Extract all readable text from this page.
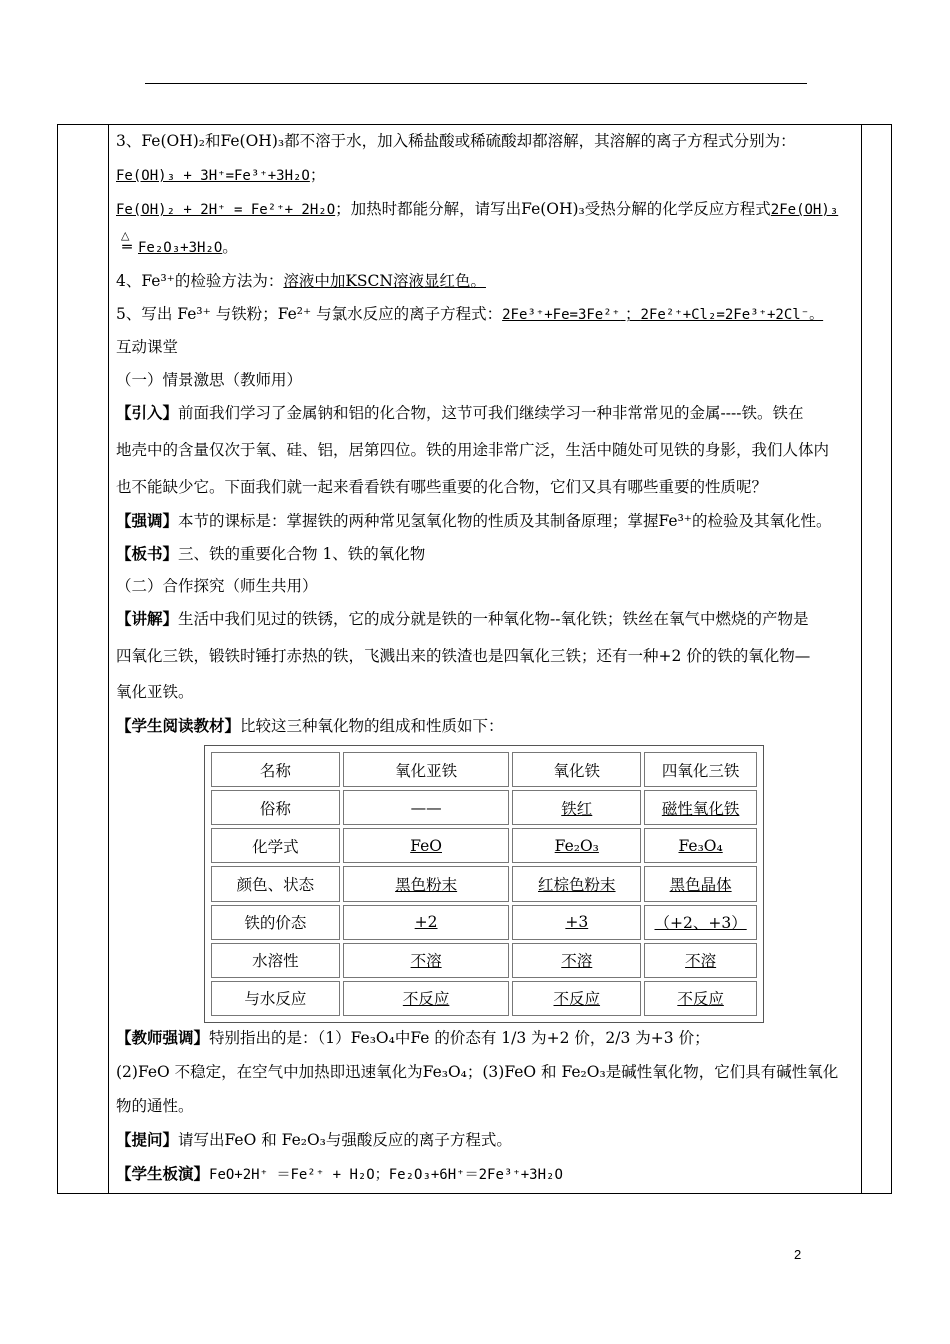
3、Fe(OH)₂和Fe(OH)₃都不溶于水，加入稀盐酸或稀硫酸却都溶解，其溶解的离子方程式分别为：
Fe(OH)₃ + 3H⁺=Fe³⁺+3H₂O；
Fe(OH)₂ + 2H⁺ = Fe²⁺+ 2H₂O；加热时都能分解，请写出Fe(OH)₃受热分解的化学反应方程式2Fe(OH)₃
△
═ Fe₂O₃+3H₂O。
4、Fe³⁺的检验方法为：溶液中加KSCN溶液显红色。
5、写出 Fe³⁺ 与铁粉；Fe²⁺ 与氯水反应的离子方程式：2Fe³⁺+Fe=3Fe²⁺ ；2Fe²⁺+Cl₂=2Fe³⁺+2Cl⁻。
互动课堂
（一）情景激思（教师用）
【引入】前面我们学习了金属钠和铝的化合物，这节可我们继续学习一种非常常见的金属----铁。铁在
地壳中的含量仅次于氧、硅、铝，居第四位。铁的用途非常广泛，生活中随处可见铁的身影，我们人体内
也不能缺少它。下面我们就一起来看看铁有哪些重要的化合物，它们又具有哪些重要的性质呢？
【强调】本节的课标是：掌握铁的两种常见氢氧化物的性质及其制备原理；掌握Fe³⁺的检验及其氧化性。
【板书】三、铁的重要化合物 1、铁的氧化物
（二）合作探究（师生共用）
【讲解】生活中我们见过的铁锈，它的成分就是铁的一种氧化物--氧化铁；铁丝在氧气中燃烧的产物是
四氧化三铁，锻铁时锤打赤热的铁，飞溅出来的铁渣也是四氧化三铁；还有一种+2 价的铁的氧化物—
氧化亚铁。
【学生阅读教材】比较这三种氧化物的组成和性质如下：
【教师强调】特别指出的是：（1）Fe₃O₄中Fe 的价态有 1/3 为+2 价，2/3 为+3 价；
(2)FeO 不稳定，在空气中加热即迅速氧化为Fe₃O₄；(3)FeO 和 Fe₂O₃是碱性氧化物，它们具有碱性氧化
物的通性。
【提问】请写出FeO 和 Fe₂O₃与强酸反应的离子方程式。
【学生板演】FeO+2H⁺ ＝Fe²⁺ + H₂O；Fe₂O₃+6H⁺＝2Fe³⁺+3H₂O
名称	氧化亚铁	氧化铁	四氧化三铁
俗称	——	铁红	磁性氧化铁
化学式	FeO	Fe₂O₃	Fe₃O₄
颜色、状态	黑色粉末	红棕色粉末	黑色晶体
铁的价态	+2	+3	（+2、+3）
水溶性	不溶	不溶	不溶
与水反应	不反应	不反应	不反应
2
